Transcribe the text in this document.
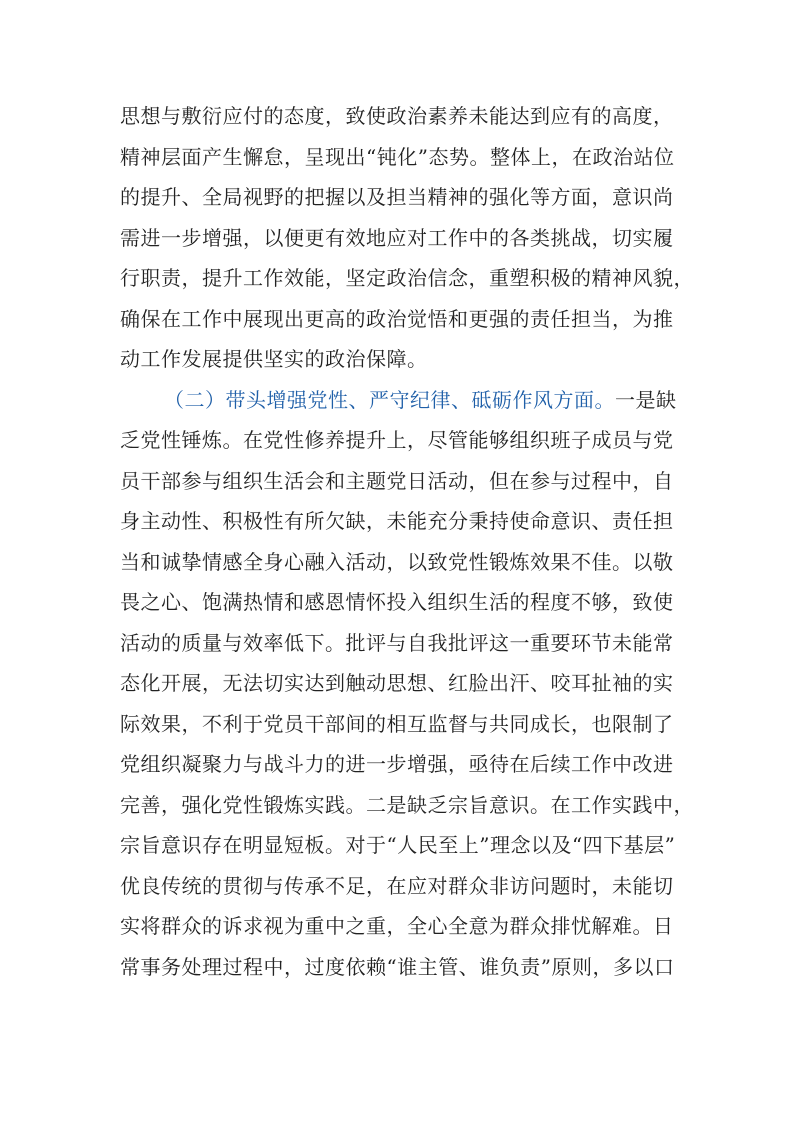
思想与敷衍应付的态度，致使政治素养未能达到应有的高度，
精神层面产生懈怠，呈现出“钝化”态势。整体上，在政治站位
的提升、全局视野的把握以及担当精神的强化等方面，意识尚
需进一步增强，以便更有效地应对工作中的各类挑战，切实履
行职责，提升工作效能，坚定政治信念，重塑积极的精神风貌，
确保在工作中展现出更高的政治觉悟和更强的责任担当，为推
动工作发展提供坚实的政治保障。
（二）带头增强党性、严守纪律、砥砺作风方面。一是缺
乏党性锤炼。在党性修养提升上，尽管能够组织班子成员与党
员干部参与组织生活会和主题党日活动，但在参与过程中，自
身主动性、积极性有所欠缺，未能充分秉持使命意识、责任担
当和诚挚情感全身心融入活动，以致党性锻炼效果不佳。以敬
畏之心、饱满热情和感恩情怀投入组织生活的程度不够，致使
活动的质量与效率低下。批评与自我批评这一重要环节未能常
态化开展，无法切实达到触动思想、红脸出汗、咬耳扯袖的实
际效果，不利于党员干部间的相互监督与共同成长，也限制了
党组织凝聚力与战斗力的进一步增强，亟待在后续工作中改进
完善，强化党性锻炼实践。二是缺乏宗旨意识。在工作实践中，
宗旨意识存在明显短板。对于“人民至上”理念以及“四下基层”
优良传统的贯彻与传承不足，在应对群众非访问题时，未能切
实将群众的诉求视为重中之重，全心全意为群众排忧解难。日
常事务处理过程中，过度依赖“谁主管、谁负责”原则，多以口
